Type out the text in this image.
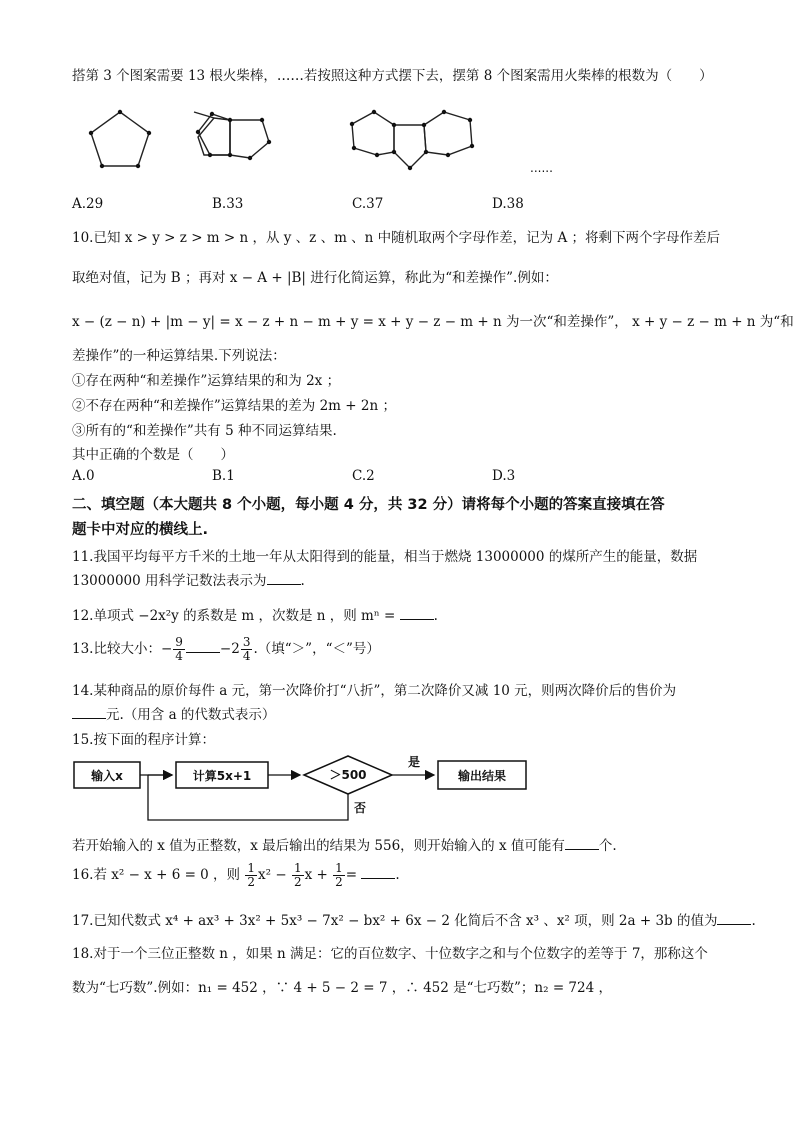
搭第 3 个图案需要 13 根火柴棒，……若按照这种方式摆下去，摆第 8 个图案需用火柴棒的根数为（　　）
......
A.29	B.33	C.37	D.38
10.已知 x > y > z > m > n ，从 y 、z 、m 、n 中随机取两个字母作差，记为 A ；将剩下两个字母作差后
取绝对值，记为 B ；再对 x − A + |B| 进行化简运算，称此为“和差操作”.例如：
x − (z − n) + |m − y| = x − z + n − m + y = x + y − z − m + n 为一次“和差操作”， x + y − z − m + n 为“和
差操作”的一种运算结果.下列说法：
①存在两种“和差操作”运算结果的和为 2x ；
②不存在两种“和差操作”运算结果的差为 2m + 2n ；
③所有的“和差操作”共有 5 种不同运算结果.
其中正确的个数是（　　）
A.0	B.1	C.2	D.3
二、填空题（本大题共 8 个小题，每小题 4 分，共 32 分）请将每个小题的答案直接填在答
题卡中对应的横线上.
11.我国平均每平方千米的土地一年从太阳得到的能量，相当于燃烧 13000000 的煤所产生的能量，数据
13000000 用科学记数法表示为	.
12.单项式 −2x²y 的系数是 m ，次数是 n ，则 mⁿ =	.
13.比较大小：− $\frac{9}{4}$	$-2 \frac{3}{4}$ .（填“＞”，“＜”号）
14.某种商品的原价每件 a 元，第一次降价打“八折”，第二次降价又减 10 元，则两次降价后的售价为
元.（用含 a 的代数式表示）
15.按下面的程序计算：
输入x	计算5x+1	＞500
是
输出结果
否
若开始输入的 x 值为正整数，x 最后输出的结果为 556，则开始输入的 x 值可能有	个.
16.若 x² − x + 6 = 0 ，则 $\frac{1}{2} x^2 - \frac{1}{2}$ $x + \frac{1}{2}$ =	.
17.已知代数式 x⁴ + ax³ + 3x² + 5x³ − 7x² − bx² + 6x − 2 化简后不含 x³ 、x² 项，则 2a + 3b 的值为	.
18.对于一个三位正整数 n ，如果 n 满足：它的百位数字、十位数字之和与个位数字的差等于 7，那称这个
数为“七巧数”.例如：n₁ = 452 ，∵ 4 + 5 − 2 = 7 ，∴ 452 是“七巧数”；n₂ = 724 ，
